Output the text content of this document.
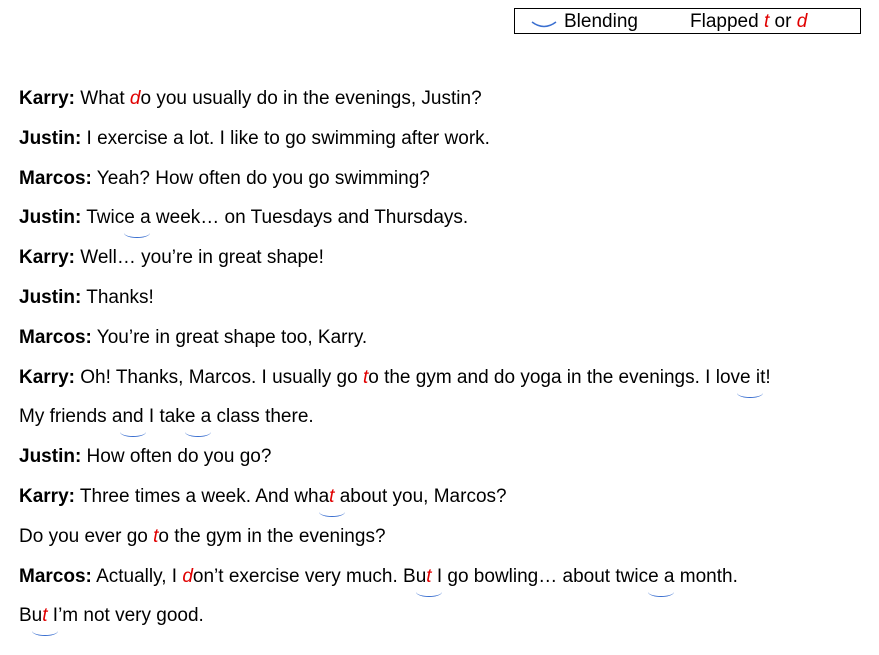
Blending	Flapped t or d
Karry: What do you usually do in the evenings, Justin?
Justin: I exercise a lot. I like to go swimming after work.
Marcos: Yeah? How often do you go swimming?
Justin: Twice a week… on Tuesdays and Thursdays.
Karry: Well… you’re in great shape!
Justin: Thanks!
Marcos: You’re in great shape too, Karry.
Karry: Oh! Thanks, Marcos. I usually go to the gym and do yoga in the evenings. I love it!
My friends and I take a class there.
Justin: How often do you go?
Karry: Three times a week. And what about you, Marcos?
Do you ever go to the gym in the evenings?
Marcos: Actually, I don’t exercise very much. But I go bowling… about twice a month.
But I’m not very good.
